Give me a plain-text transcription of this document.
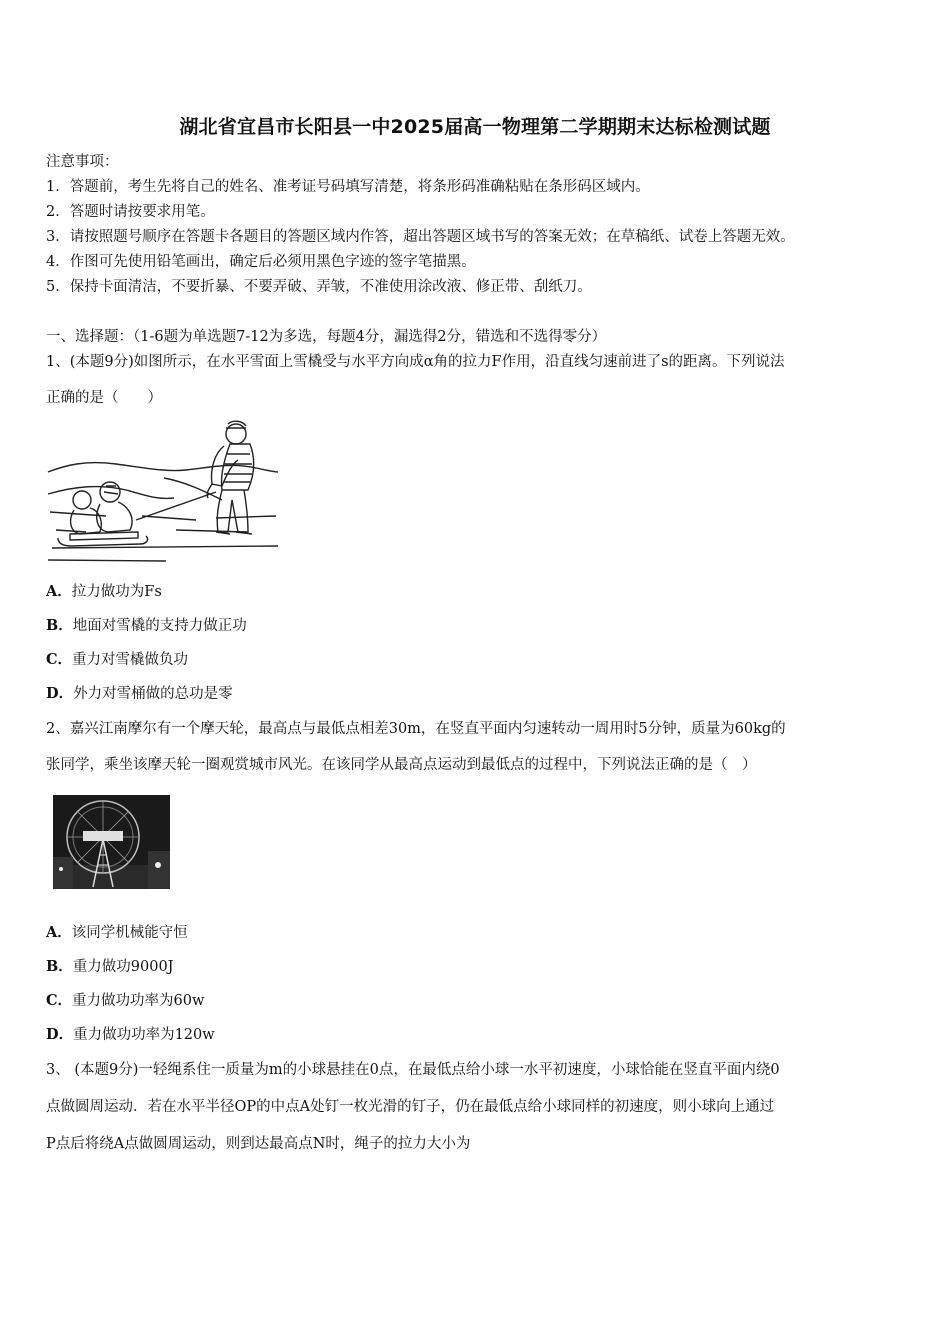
湖北省宜昌市长阳县一中2025届高一物理第二学期期末达标检测试题
注意事项：
1．答题前，考生先将自己的姓名、准考证号码填写清楚，将条形码准确粘贴在条形码区域内。
2．答题时请按要求用笔。
3．请按照题号顺序在答题卡各题目的答题区域内作答，超出答题区域书写的答案无效；在草稿纸、试卷上答题无效。
4．作图可先使用铅笔画出，确定后必须用黑色字迹的签字笔描黑。
5．保持卡面清洁，不要折暴、不要弄破、弄皱，不准使用涂改液、修正带、刮纸刀。
一、选择题：（1-6题为单选题7-12为多选，每题4分，漏选得2分，错选和不选得零分）
1、(本题9分)如图所示，在水平雪面上雪橇受与水平方向成α角的拉力F作用，沿直线匀速前进了s的距离。下列说法
正确的是（　　）
A．拉力做功为Fs
B．地面对雪橇的支持力做正功
C．重力对雪橇做负功
D．外力对雪桶做的总功是零
2、嘉兴江南摩尔有一个摩天轮，最高点与最低点相差30m，在竖直平面内匀速转动一周用时5分钟，质量为60kg的
张同学，乘坐该摩天轮一圈观赏城市风光。在该同学从最高点运动到最低点的过程中，下列说法正确的是（　）
A．该同学机械能守恒
B．重力做功9000J
C．重力做功功率为60w
D．重力做功功率为120w
3、 (本题9分)一轻绳系住一质量为m的小球悬挂在0点，在最低点给小球一水平初速度，小球恰能在竖直平面内绕0
点做圆周运动．若在水平半径OP的中点A处钉一枚光滑的钉子，仍在最低点给小球同样的初速度，则小球向上通过
P点后将绕A点做圆周运动，则到达最高点N时，绳子的拉力大小为
